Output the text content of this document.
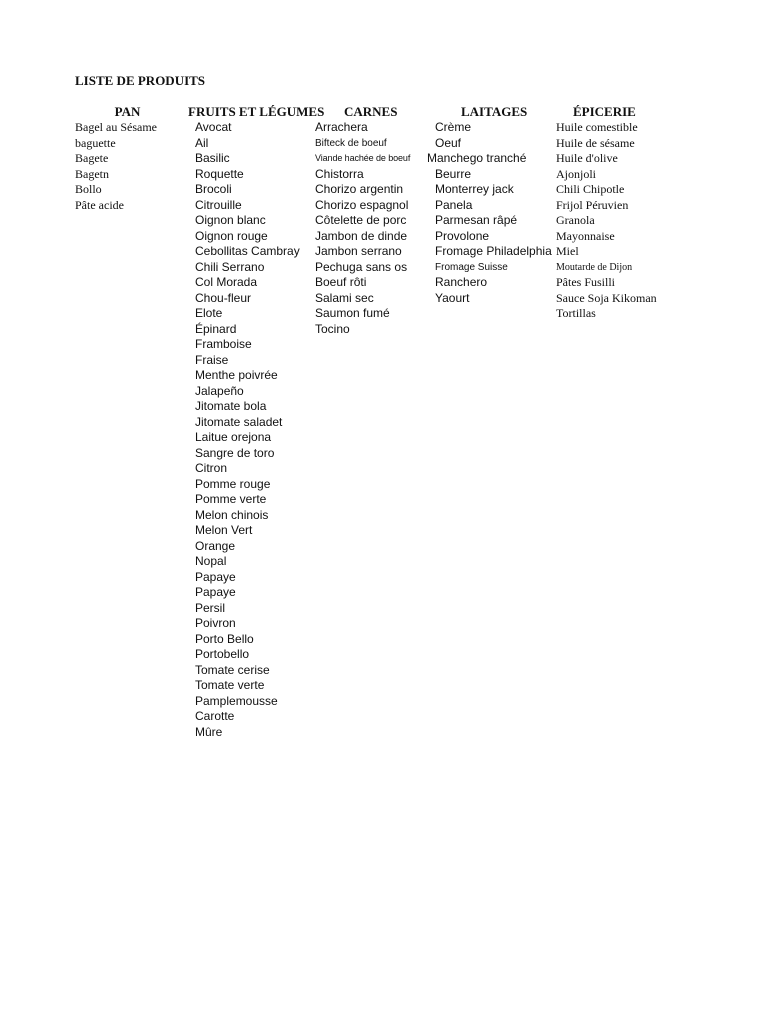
LISTE DE PRODUITS
PAN
Bagel au Sésame
baguette
Bagete
Bagetn
Bollo
Pâte acide
FRUITS ET LÉGUMES
Avocat
Ail
Basilic
Roquette
Brocoli
Citrouille
Oignon blanc
Oignon rouge
Cebollitas Cambray
Chili Serrano
Col Morada
Chou-fleur
Elote
Épinard
Framboise
Fraise
Menthe poivrée
Jalapeño
Jitomate bola
Jitomate saladet
Laitue orejona
Sangre de toro
Citron
Pomme rouge
Pomme verte
Melon chinois
Melon Vert
Orange
Nopal
Papaye
Papaye
Persil
Poivron
Porto Bello
Portobello
Tomate cerise
Tomate verte
Pamplemousse
Carotte
Mûre
CARNES
Arrachera
Bifteck de boeuf
Viande hachée de boeuf
Chistorra
Chorizo argentin
Chorizo espagnol
Côtelette de porc
Jambon de dinde
Jambon serrano
Pechuga sans os
Boeuf rôti
Salami sec
Saumon fumé
Tocino
LAITAGES
Crème
Oeuf
Manchego tranché
Beurre
Monterrey jack
Panela
Parmesan râpé
Provolone
Fromage Philadelphia
Fromage Suisse
Ranchero
Yaourt
ÉPICERIE
Huile comestible
Huile de sésame
Huile d'olive
Ajonjoli
Chili Chipotle
Frijol Péruvien
Granola
Mayonnaise
Miel
Moutarde de Dijon
Pâtes Fusilli
Sauce Soja Kikoman
Tortillas
